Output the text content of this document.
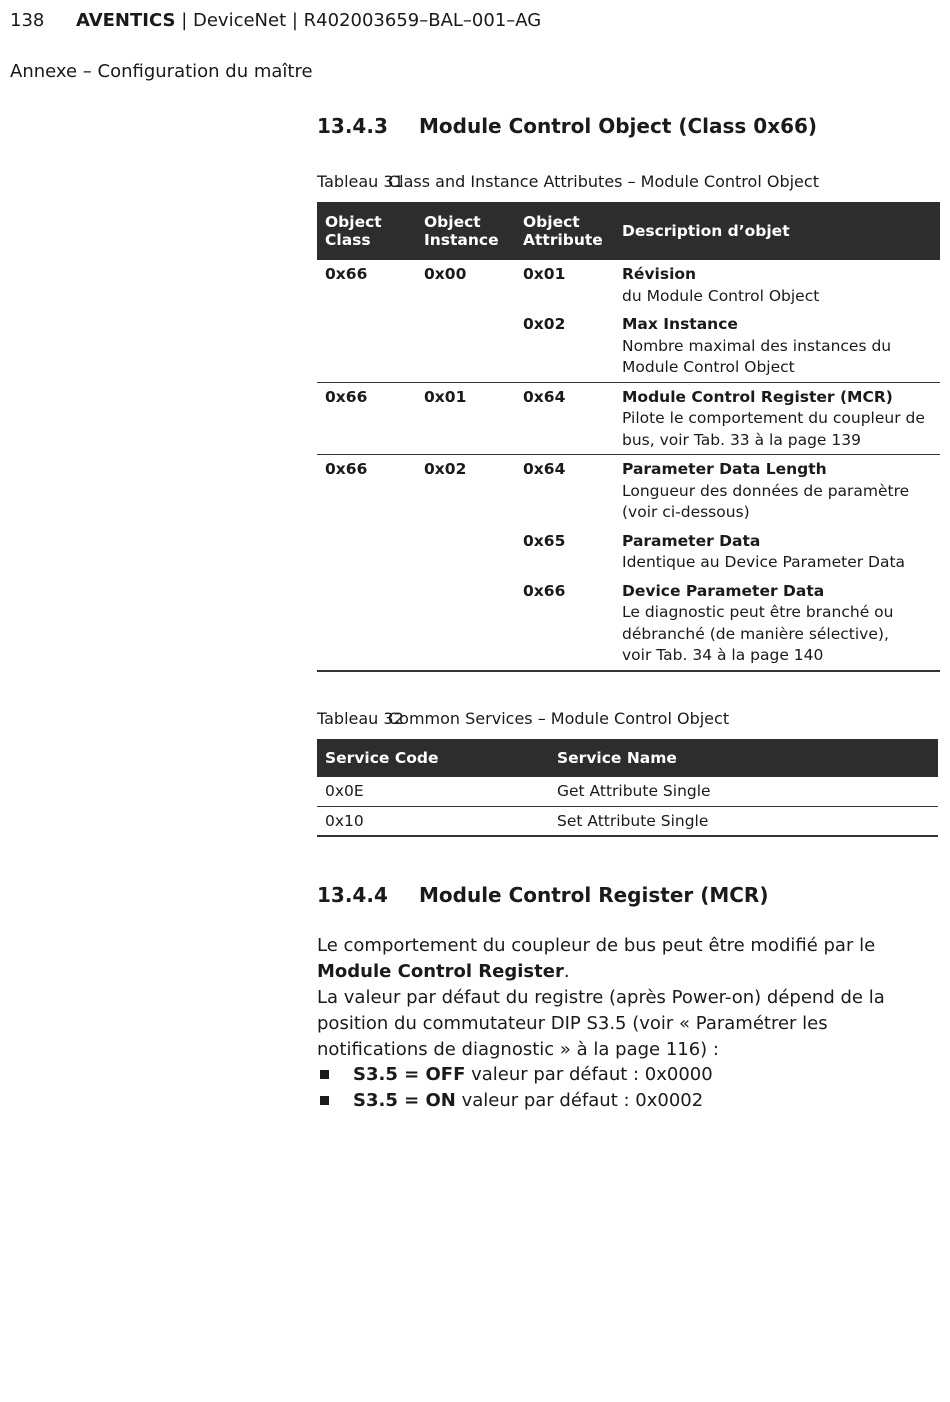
138 AVENTICS | DeviceNet | R402003659–BAL–001–AG
Annexe – Configuration du maître
13.4.3 Module Control Object (Class 0x66)

Tableau 31Class and Instance Attributes – Module Control Object

Object Class	Object Instance	Object Attribute	Description d’objet
0x66	0x00	0x01	Révision
du Module Control Object

		0x02	Max Instance
Nombre maximal des instances du
Module Control Object

0x66	0x01	0x64	Module Control Register (MCR)
Pilote le comportement du coupleur de
bus, voir Tab. 33 à la page 139

0x66	0x02	0x64	Parameter Data Length
Longueur des données de paramètre
(voir ci-dessous)

		0x65	Parameter Data
Identique au Device Parameter Data

		0x66	Device Parameter Data
Le diagnostic peut être branché ou
débranché (de manière sélective),
voir Tab. 34 à la page 140

Tableau 32Common Services – Module Control Object

Service Code	Service Name
0x0E	Get Attribute Single
0x10	Set Attribute Single
13.4.4 Module Control Register (MCR)

Le comportement du coupleur de bus peut être modifié par le Module Control Register.

La valeur par défaut du registre (après Power-on) dépend de la position du commutateur DIP S3.5 (voir « Paramétrer les notifications de diagnostic » à la page 116) :

S3.5 = OFF valeur par défaut : 0x0000
S3.5 = ON valeur par défaut : 0x0002
